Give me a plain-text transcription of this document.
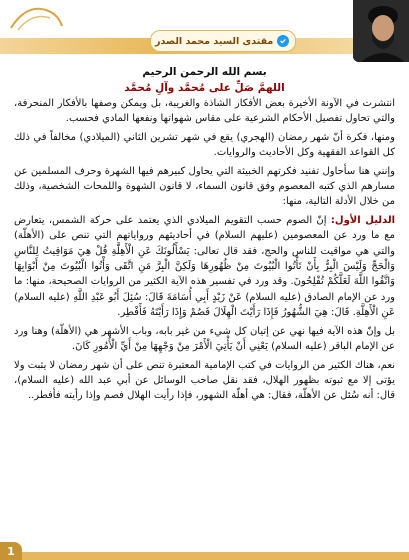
مقتدى السيد محمد الصدر
بسم الله الرحمن الرحيم
اللهمَّ صَلِّ على مُحمَّد وآلِ مُحمَّد

انتشرت في الآونة الأخيرة بعض الأفكار الشاذة والغريبة، بل ويمكن وصفها بالأفكار المنحرفة، والتي تحاول تفصيل الأحكام الشرعية على مقاس شهواتها ونفعها المادي فحسب.

ومنها، فكرة أنّ شهر رمضان (الهجري) يقع في شهر تشرين الثاني (الميلادي) مخالفاً في ذلك كل القواعد الفقهية وكل الأحاديث والروايات.

وإنني هنا سأحاول تفنيد فكرتهم الخبيثة التي يحاول كبيرهم فيها الشهرة وحرف المسلمين عن مسارهم الذي كتبه المعصوم وفق قانون السماء، لا قانون الشهوة واللمحات الشخصية، وذلك من خلال الأدلة التالية، منها:

الدليل الأول: إنّ الصوم حسب التقويم الميلادي الذي يعتمد على حركة الشمس، يتعارض مع ما ورد عن المعصومين (عليهم السلام) في أحاديثهم ورواياتهم التي تنص على (الأهلّة) والتي هي مواقيت للناس والحج، فقد قال تعالى: يَسْأَلُونَكَ عَنِ الْأَهِلَّةِ قُلْ هِيَ مَوَاقِيتُ لِلنَّاسِ وَالْحَجِّ وَلَيْسَ الْبِرُّ بِأَنْ تَأْتُوا الْبُيُوتَ مِنْ ظُهُورِهَا وَلَكِنَّ الْبِرَّ مَنِ اتَّقَى وَأْتُوا الْبُيُوتَ مِنْ أَبْوَابِهَا وَاتَّقُوا اللَّهَ لَعَلَّكُمْ تُفْلِحُونَ. وقد ورد في تفسير هذه الآية الكثير من الروايات الصحيحة، منها: ما ورد عن الإمام الصادق (عليه السلام) عَنْ زَيْدٍ أَبِي أُسَامَةَ قَالَ: سُئِلَ أَبُو عَبْدِ اللَّهِ (عليه السلام) عَنِ الْأَهِلَّةِ. قَالَ: هِيَ الشُّهُورُ فَإِذَا رَأَيْتَ الْهِلَالَ فَصُمْ وَإِذَا رَأَيْتَهُ فَأَفْطِر.

بل وإنّ هذه الآية فيها نهي عن إتيان كل شيء من غير بابه، وباب الأشهر هي (الأهلّة) وهنا ورد عن الإمام الباقر (عليه السلام) يَعْنِي أَنْ يَأْتِيَ الْأَمْرَ مِنْ وَجْهِهَا مِنْ أَيِّ الْأُمُورِ كَانَ.

نعم، هناك الكثير من الروايات في كتب الإمامية المعتبرة تنص على أن شهر رمضان لا يثبت ولا يؤتى إلا مع ثبوته بظهور الهلال، فقد نقل صاحب الوسائل عن أبي عبد الله (عليه السلام)، قال: أنه سُئل عن الأهلّة، فقال: هي أهلّة الشهور، فإذا رأيت الهلال فصم وإذا رأيته فأفطر..

1
